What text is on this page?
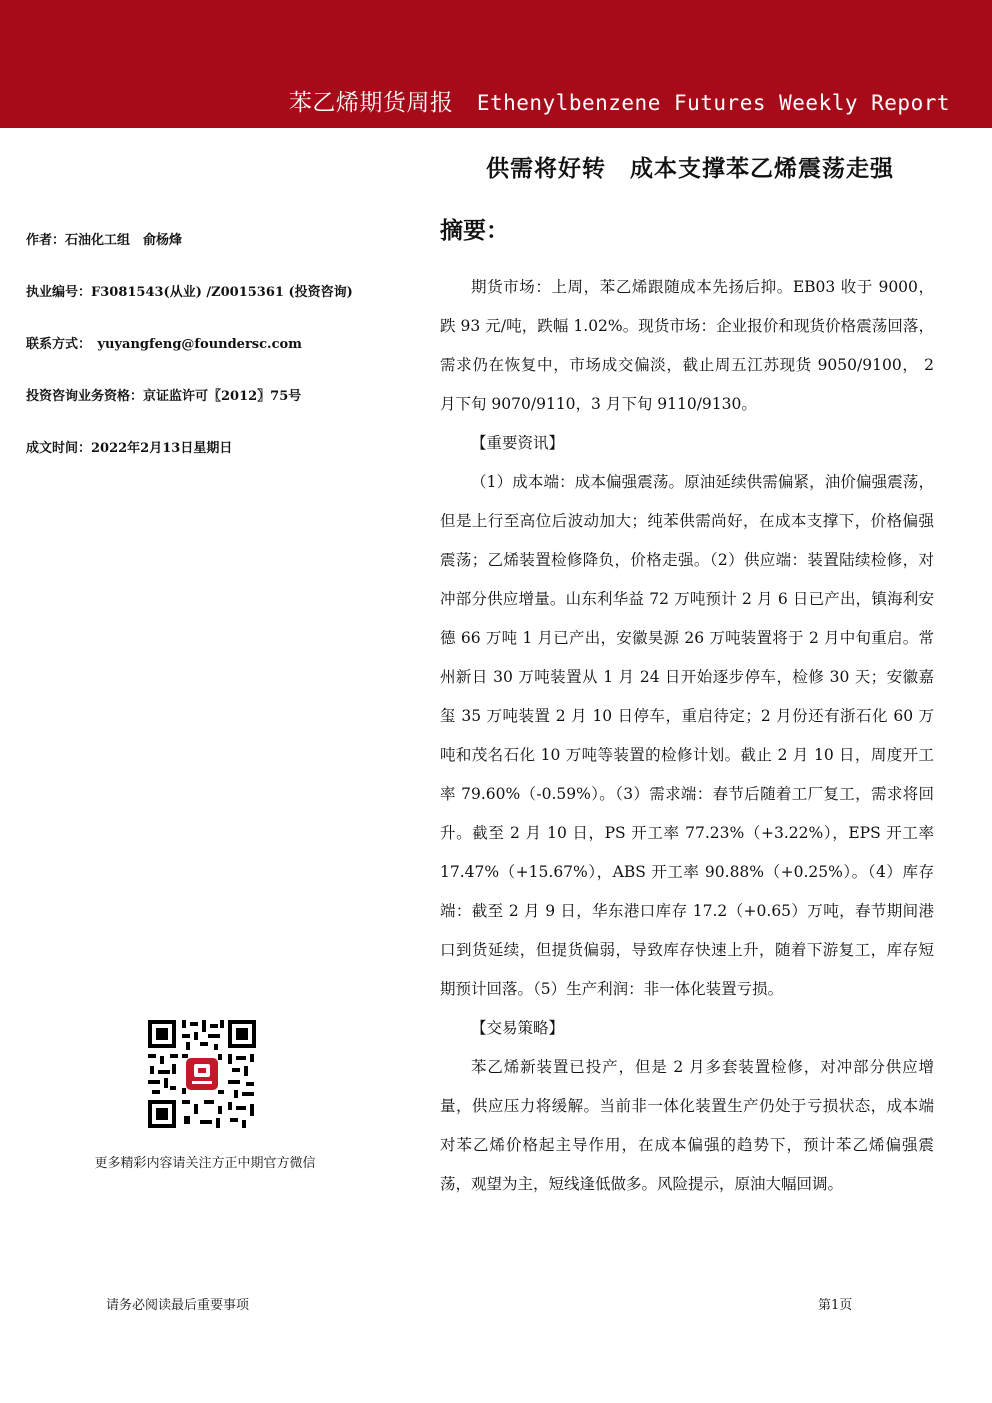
苯乙烯期货周报 Ethenylbenzene Futures Weekly Report
供需将好转　成本支撑苯乙烯震荡走强
作者：石油化工组　俞杨烽
执业编号：F3081543(从业) /Z0015361 (投资咨询)
联系方式：　yuyangfeng@foundersc.com
投资咨询业务资格：京证监许可〖2012〗75号
成文时间：2022年2月13日星期日
更多精彩内容请关注方正中期官方微信
摘要：

期货市场：上周，苯乙烯跟随成本先扬后抑。EB03 收于 9000，跌 93 元/吨，跌幅 1.02%。现货市场：企业报价和现货价格震荡回落，需求仍在恢复中，市场成交偏淡，截止周五江苏现货 9050/9100， 2 月下旬 9070/9110，3 月下旬 9110/9130。

【重要资讯】

（1）成本端：成本偏强震荡。原油延续供需偏紧，油价偏强震荡，但是上行至高位后波动加大；纯苯供需尚好，在成本支撑下，价格偏强震荡；乙烯装置检修降负，价格走强。（2）供应端：装置陆续检修，对冲部分供应增量。山东利华益 72 万吨预计 2 月 6 日已产出，镇海利安德 66 万吨 1 月已产出，安徽昊源 26 万吨装置将于 2 月中旬重启。常州新日 30 万吨装置从 1 月 24 日开始逐步停车，检修 30 天；安徽嘉玺 35 万吨装置 2 月 10 日停车，重启待定；2 月份还有浙石化 60 万吨和茂名石化 10 万吨等装置的检修计划。截止 2 月 10 日，周度开工率 79.60%（-0.59%）。（3）需求端：春节后随着工厂复工，需求将回升。截至 2 月 10 日，PS 开工率 77.23%（+3.22%），EPS 开工率 17.47%（+15.67%），ABS 开工率 90.88%（+0.25%）。（4）库存端：截至 2 月 9 日，华东港口库存 17.2（+0.65）万吨，春节期间港口到货延续，但提货偏弱，导致库存快速上升，随着下游复工，库存短期预计回落。（5）生产利润：非一体化装置亏损。

【交易策略】

苯乙烯新装置已投产，但是 2 月多套装置检修，对冲部分供应增量，供应压力将缓解。当前非一体化装置生产仍处于亏损状态，成本端对苯乙烯价格起主导作用，在成本偏强的趋势下，预计苯乙烯偏强震荡，观望为主，短线逢低做多。风险提示，原油大幅回调。

请务必阅读最后重要事项	第1页
